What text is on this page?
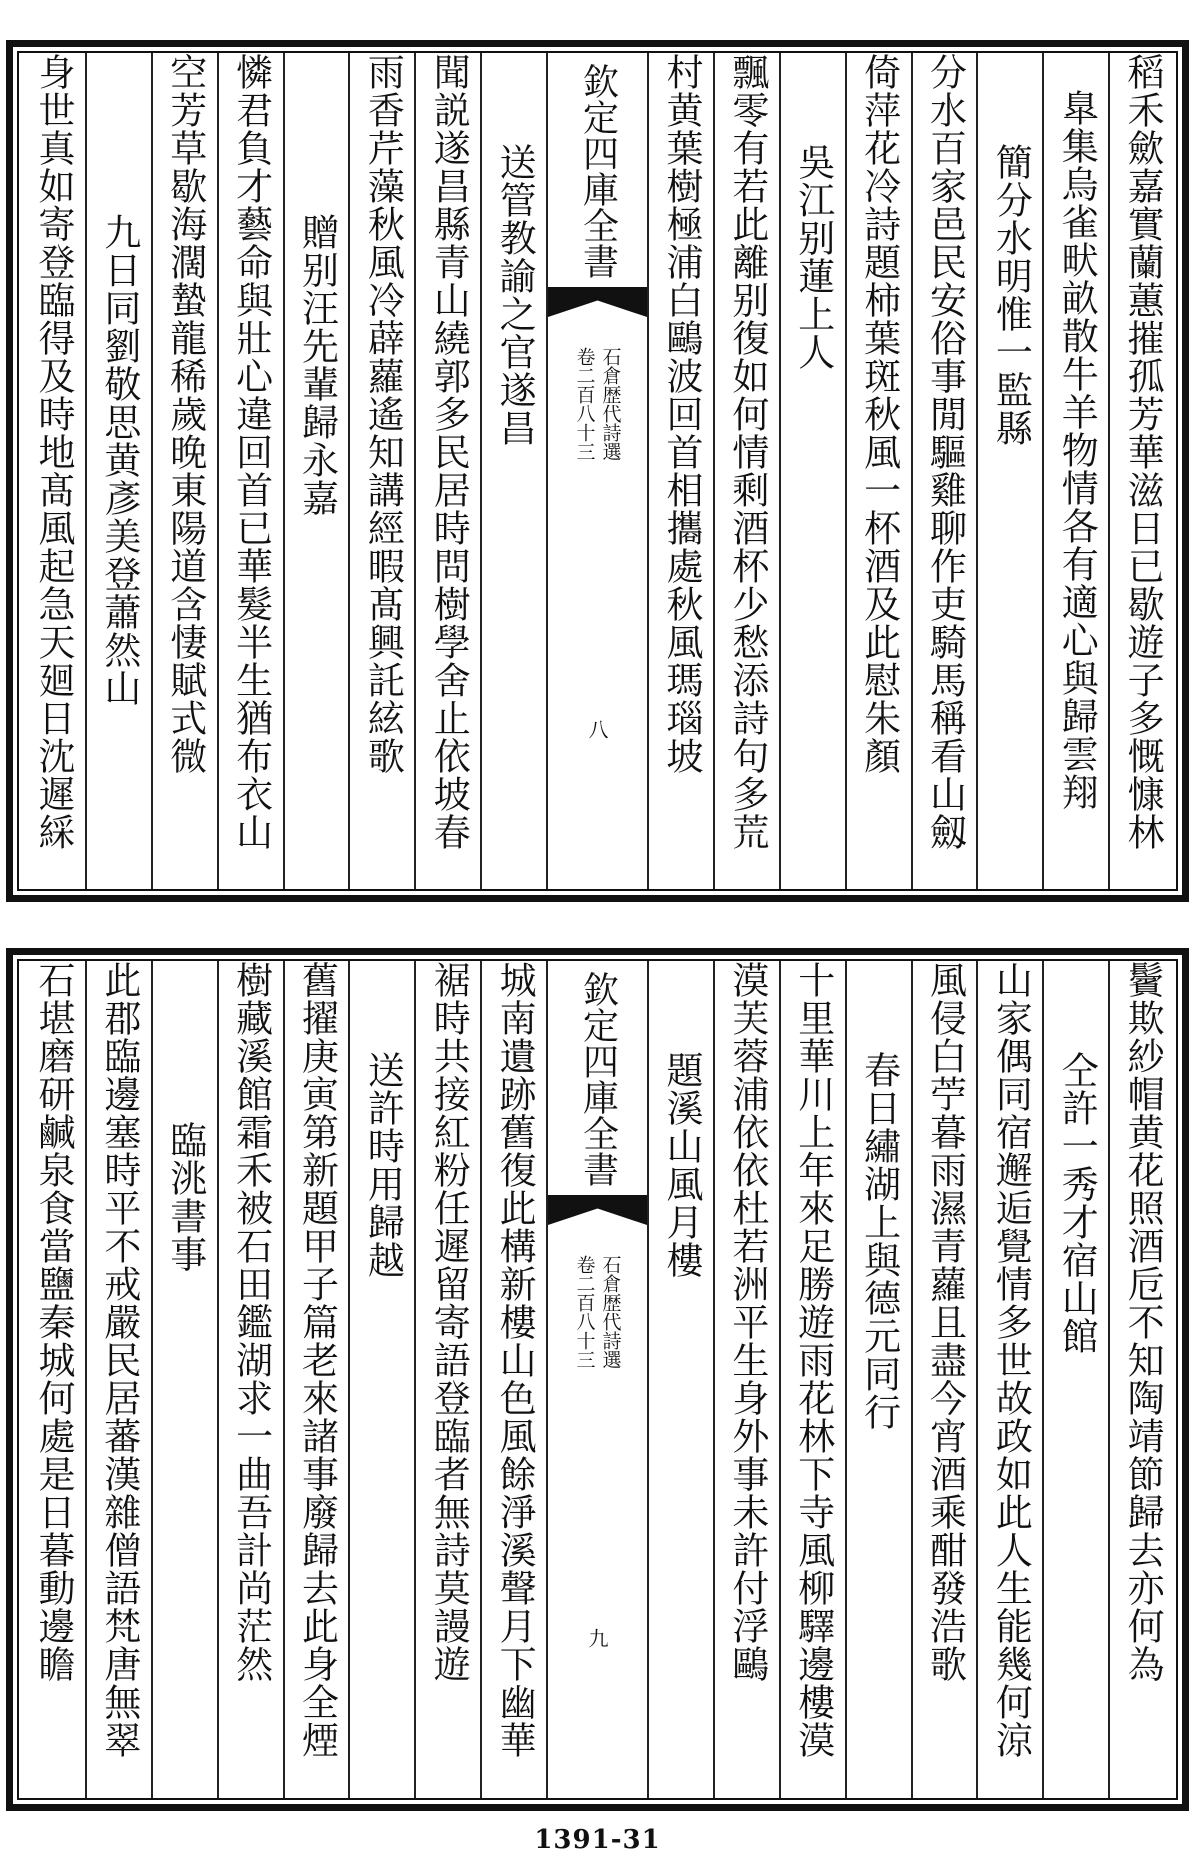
稻禾歛嘉實蘭蕙摧孤芳華滋日已歇遊子多慨慷林
臯集烏雀畎畝散牛羊物情各有適心與歸雲翔
簡分水明惟一監縣
分水百家邑民安俗事閒驅雞聊作吏騎馬稱看山劔
倚萍花冷詩題柿葉斑秋風一杯酒及此慰朱顏
吳江别蓮上人
飄零有若此離别復如何情剩酒杯少愁添詩句多荒
村黄葉樹極浦白鷗波回首相攜處秋風瑪瑙坡
欽定四庫全書
石倉歴代詩選
卷二百八十三
八
送管教諭之官遂昌
聞説遂昌縣青山繞郭多民居時問樹學舍止依坡春
雨香芹藻秋風冷薜蘿遙知講經暇髙興託絃歌
贈别汪先輩歸永嘉
憐君負才藝命與壯心違回首已華髮半生猶布衣山
空芳草歇海濶蟄龍稀歲晚東陽道含悽賦式微
九日同劉敬思黄彥美登蕭然山
身世真如寄登臨得及時地髙風起急天廻日沈遲綵
鬢欺紗帽黄花照酒卮不知陶靖節歸去亦何為
仝許一秀才宿山館
山家偶同宿邂逅覺情多世故政如此人生能幾何涼
風侵白苧暮雨濕青蘿且盡今宵酒乘酣發浩歌
春日繡湖上與德元同行
十里華川上年來足勝遊雨花林下寺風柳驛邊樓漠
漠芙蓉浦依依杜若洲平生身外事未許付浮鷗
題溪山風月樓
欽定四庫全書
石倉歴代詩選
卷二百八十三
九
城南遺跡舊復此構新樓山色風餘淨溪聲月下幽華
裾時共接紅粉任遲留寄語登臨者無詩莫謾遊
送許時用歸越
舊擢庚寅第新題甲子篇老來諸事廢歸去此身全煙
樹藏溪館霜禾被石田鑑湖求一曲吾計尚茫然
臨洮書事
此郡臨邊塞時平不戒嚴民居蕃漢雜僧語梵唐無翠
石堪磨研鹹泉食當鹽秦城何處是日暮動邊瞻
1391-31
